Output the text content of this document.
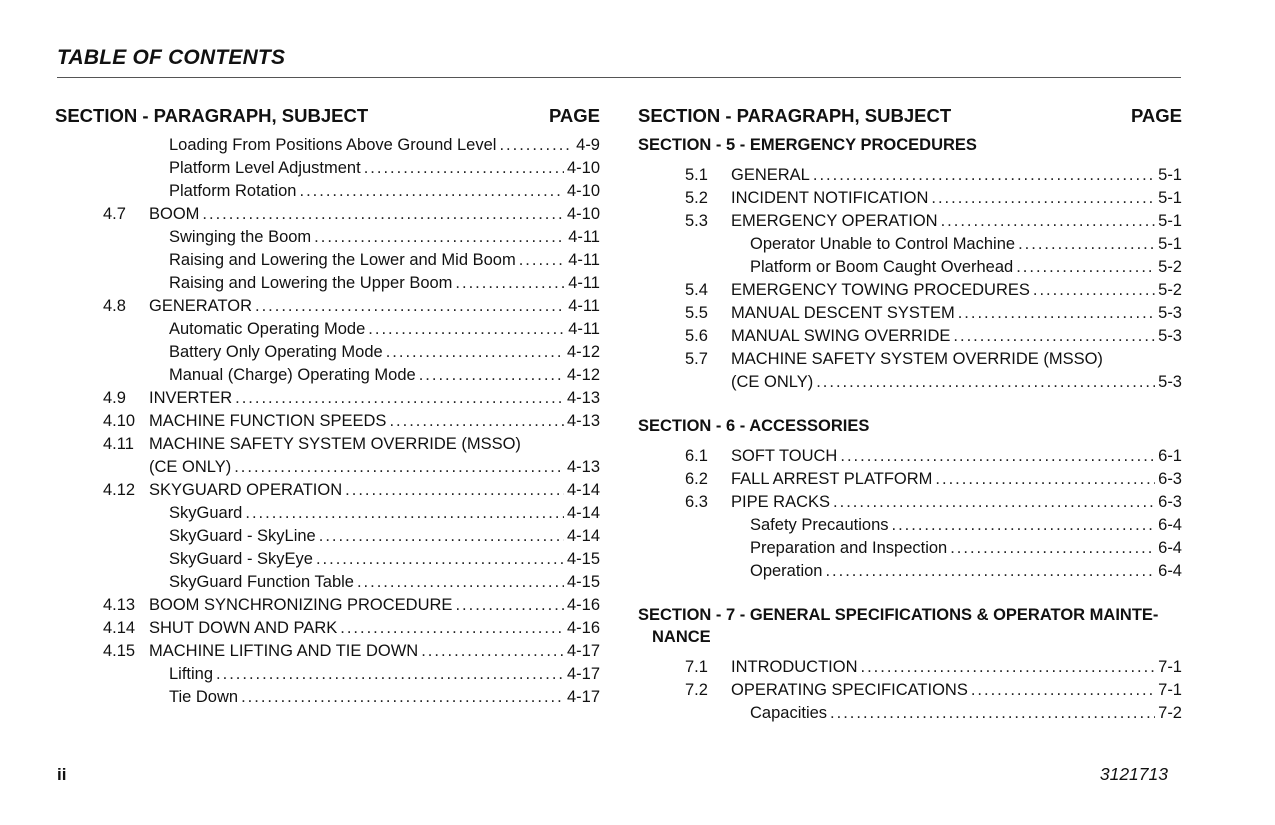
TABLE OF CONTENTS
SECTION - PARAGRAPH, SUBJECT	PAGE
Loading From Positions Above Ground Level .....	4-9
Platform Level Adjustment .....	4-10
Platform Rotation .....	4-10
4.7	BOOM .....	4-10
Swinging the Boom .....	4-11
Raising and Lowering the Lower and Mid Boom .....	4-11
Raising and Lowering the Upper Boom .....	4-11
4.8	GENERATOR .....	4-11
Automatic Operating Mode .....	4-11
Battery Only Operating Mode .....	4-12
Manual (Charge) Operating Mode .....	4-12
4.9	INVERTER .....	4-13
4.10 MACHINE FUNCTION SPEEDS .....	4-13
4.11 MACHINE SAFETY SYSTEM OVERRIDE (MSSO)
(CE ONLY) .....	4-13
4.12 SKYGUARD OPERATION .....	4-14
SkyGuard .....	4-14
SkyGuard - SkyLine .....	4-14
SkyGuard - SkyEye .....	4-15
SkyGuard Function Table .....	4-15
4.13 BOOM SYNCHRONIZING PROCEDURE .....	4-16
4.14 SHUT DOWN AND PARK .....	4-16
4.15 MACHINE LIFTING AND TIE DOWN .....	4-17
Lifting .....	4-17
Tie Down .....	4-17
SECTION - PARAGRAPH, SUBJECT	PAGE
SECTION - 5 - EMERGENCY PROCEDURES
5.1	GENERAL .....	5-1
5.2	INCIDENT NOTIFICATION .....	5-1
5.3	EMERGENCY OPERATION .....	5-1
Operator Unable to Control Machine .....	5-1
Platform or Boom Caught Overhead .....	5-2
5.4	EMERGENCY TOWING PROCEDURES .....	5-2
5.5	MANUAL DESCENT SYSTEM .....	5-3
5.6	MANUAL SWING OVERRIDE .....	5-3
5.7	MACHINE SAFETY SYSTEM OVERRIDE (MSSO)
(CE ONLY) .....	5-3
SECTION - 6 - ACCESSORIES
6.1	SOFT TOUCH .....	6-1
6.2	FALL ARREST PLATFORM .....	6-3
6.3	PIPE RACKS .....	6-3
Safety Precautions .....	6-4
Preparation and Inspection .....	6-4
Operation .....	6-4
SECTION - 7 - GENERAL SPECIFICATIONS & OPERATOR MAINTE-
NANCE
7.1	INTRODUCTION .....	7-1
7.2	OPERATING SPECIFICATIONS .....	7-1
Capacities .....	7-2
ii	3121713
